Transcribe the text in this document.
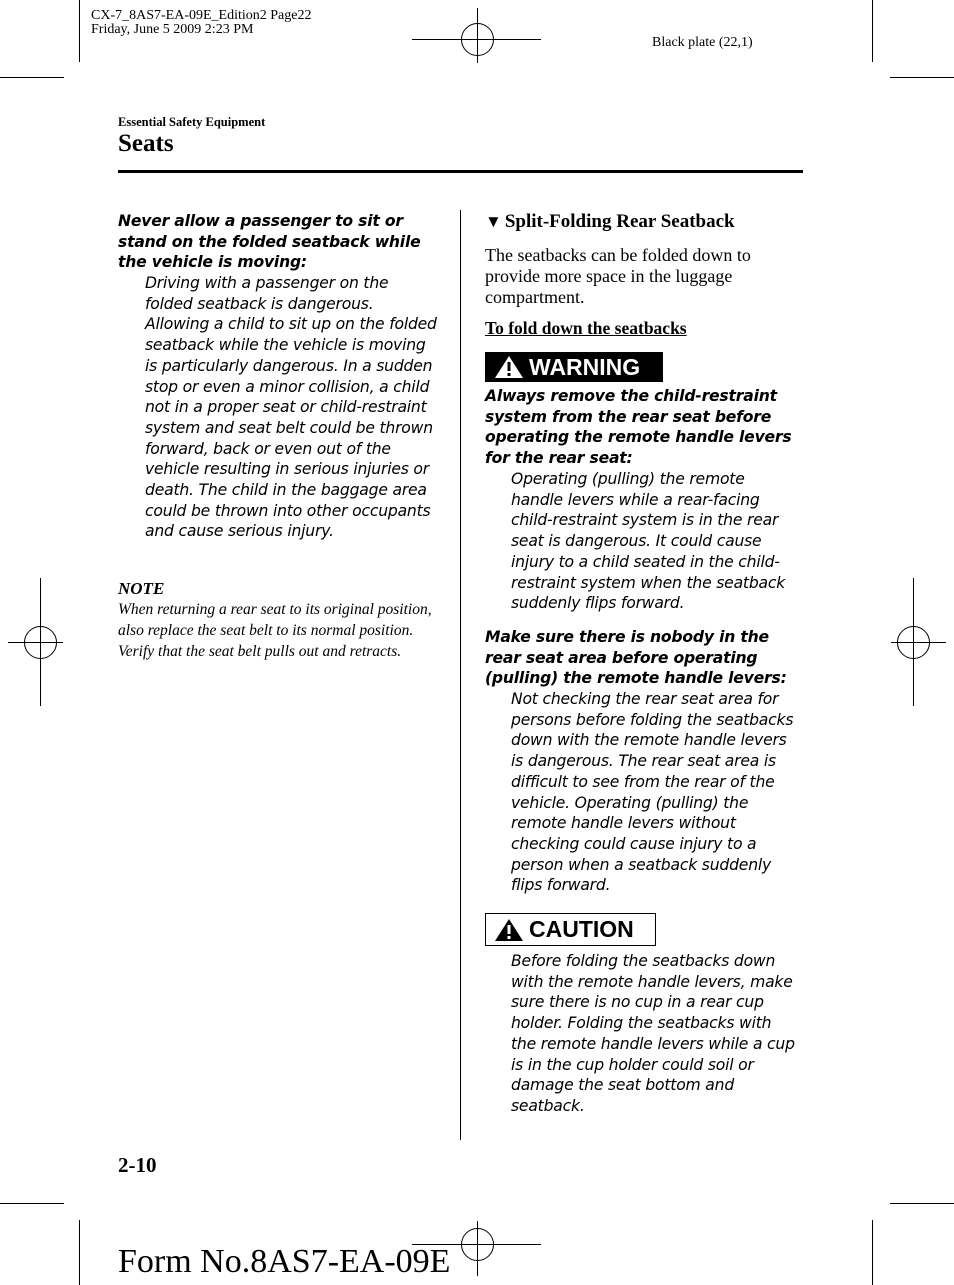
CX-7_8AS7-EA-09E_Edition2 Page22
Friday, June 5 2009 2:23 PM
Black plate (22,1)
Essential Safety Equipment
Seats
Never allow a passenger to sit or stand on the folded seatback while the vehicle is moving:
Driving with a passenger on the folded seatback is dangerous. Allowing a child to sit up on the folded seatback while the vehicle is moving is particularly dangerous. In a sudden stop or even a minor collision, a child not in a proper seat or child-restraint system and seat belt could be thrown forward, back or even out of the vehicle resulting in serious injuries or death. The child in the baggage area could be thrown into other occupants and cause serious injury.
NOTE
When returning a rear seat to its original position, also replace the seat belt to its normal position. Verify that the seat belt pulls out and retracts.
▼ Split-Folding Rear Seatback
The seatbacks can be folded down to provide more space in the luggage compartment.
To fold down the seatbacks
WARNING
Always remove the child-restraint system from the rear seat before operating the remote handle levers for the rear seat:
Operating (pulling) the remote handle levers while a rear-facing child-restraint system is in the rear seat is dangerous. It could cause injury to a child seated in the child-restraint system when the seatback suddenly flips forward.
Make sure there is nobody in the rear seat area before operating (pulling) the remote handle levers:
Not checking the rear seat area for persons before folding the seatbacks down with the remote handle levers is dangerous. The rear seat area is difficult to see from the rear of the vehicle. Operating (pulling) the remote handle levers without checking could cause injury to a person when a seatback suddenly flips forward.
CAUTION
Before folding the seatbacks down with the remote handle levers, make sure there is no cup in a rear cup holder. Folding the seatbacks with the remote handle levers while a cup is in the cup holder could soil or damage the seat bottom and seatback.
2-10
Form No.8AS7-EA-09E
